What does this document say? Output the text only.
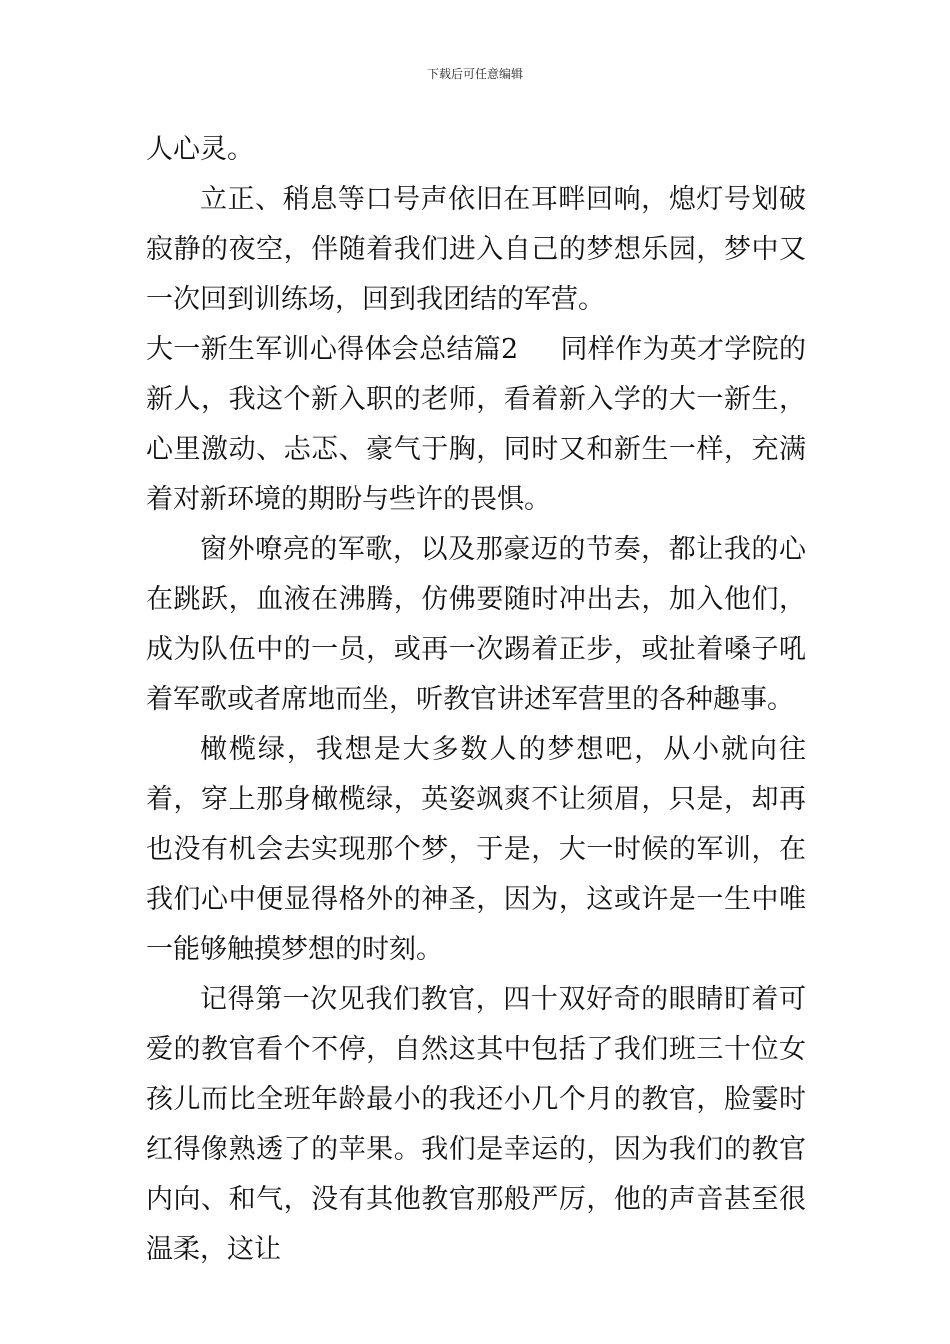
下载后可任意编辑

人心灵。

立正、稍息等口号声依旧在耳畔回响，熄灯号划破寂静的夜空，伴随着我们进入自己的梦想乐园，梦中又一次回到训练场，回到我团结的军营。

大一新生军训心得体会总结篇2 同样作为英才学院的新人，我这个新入职的老师，看着新入学的大一新生，心里激动、忐忑、豪气于胸，同时又和新生一样，充满着对新环境的期盼与些许的畏惧。

窗外嘹亮的军歌，以及那豪迈的节奏，都让我的心在跳跃，血液在沸腾，仿佛要随时冲出去，加入他们，成为队伍中的一员，或再一次踢着正步，或扯着嗓子吼着军歌或者席地而坐，听教官讲述军营里的各种趣事。

橄榄绿，我想是大多数人的梦想吧，从小就向往着，穿上那身橄榄绿，英姿飒爽不让须眉，只是，却再也没有机会去实现那个梦，于是，大一时候的军训，在我们心中便显得格外的神圣，因为，这或许是一生中唯一能够触摸梦想的时刻。

记得第一次见我们教官，四十双好奇的眼睛盯着可爱的教官看个不停，自然这其中包括了我们班三十位女孩儿而比全班年龄最小的我还小几个月的教官，脸霎时红得像熟透了的苹果。我们是幸运的，因为我们的教官内向、和气，没有其他教官那般严厉，他的声音甚至很温柔，这让
